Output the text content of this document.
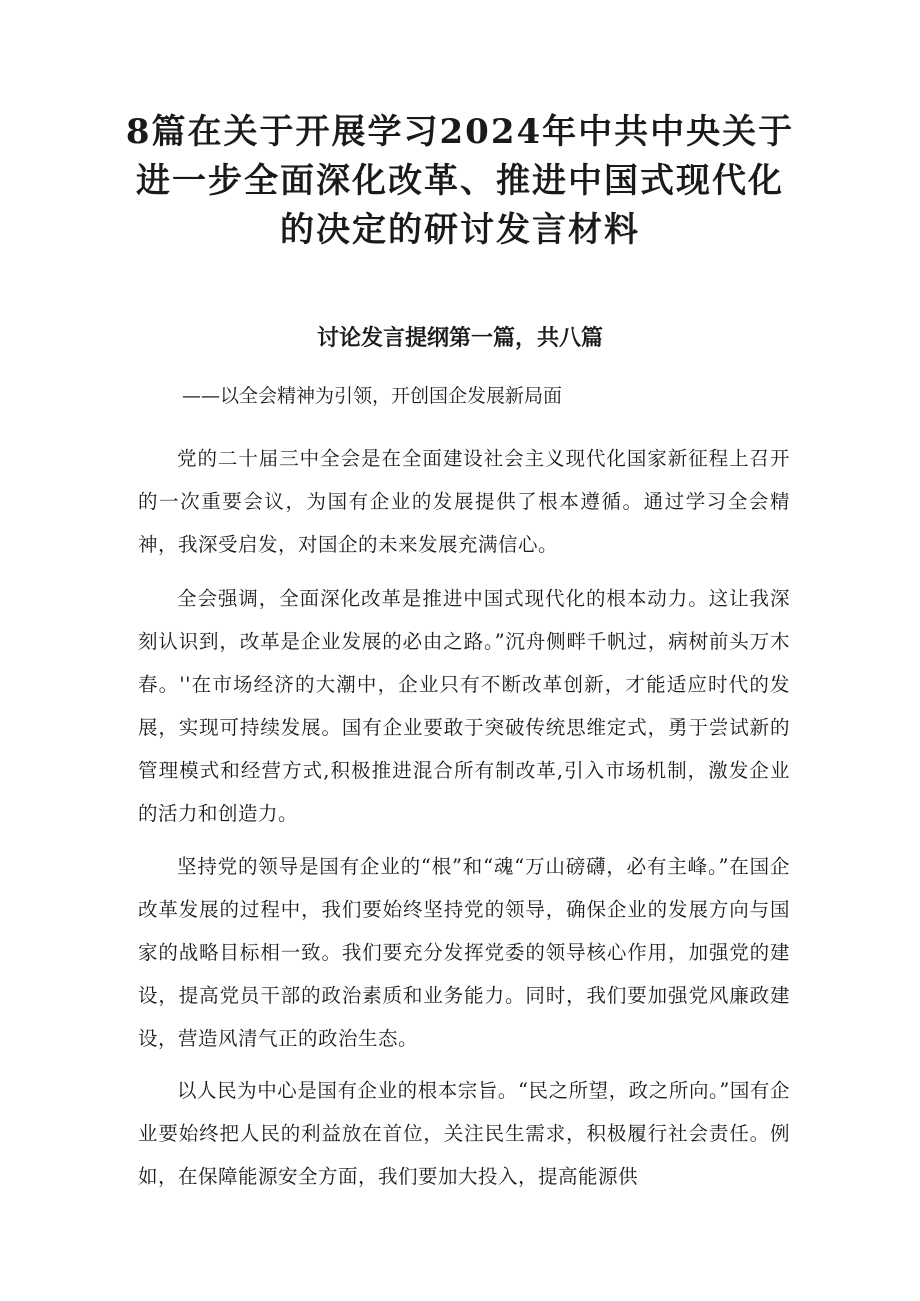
8篇在关于开展学习2024年中共中央关于
进一步全面深化改革、推进中国式现代化
的决定的研讨发言材料
讨论发言提纲第一篇，共八篇

——以全会精神为引领，开创国企发展新局面

党的二十届三中全会是在全面建设社会主义现代化国家新征程上召开的一次重要会议，为国有企业的发展提供了根本遵循。通过学习全会精神，我深受启发，对国企的未来发展充满信心。

全会强调，全面深化改革是推进中国式现代化的根本动力。这让我深刻认识到，改革是企业发展的必由之路。”沉舟侧畔千帆过，病树前头万木春。''在市场经济的大潮中，企业只有不断改革创新，才能适应时代的发展，实现可持续发展。国有企业要敢于突破传统思维定式，勇于尝试新的管理模式和经营方式,积极推进混合所有制改革,引入市场机制，激发企业的活力和创造力。

坚持党的领导是国有企业的“根”和“魂“万山磅礴，必有主峰。”在国企改革发展的过程中，我们要始终坚持党的领导，确保企业的发展方向与国家的战略目标相一致。我们要充分发挥党委的领导核心作用，加强党的建设，提高党员干部的政治素质和业务能力。同时，我们要加强党风廉政建设，营造风清气正的政治生态。

以人民为中心是国有企业的根本宗旨。“民之所望，政之所向。”国有企业要始终把人民的利益放在首位，关注民生需求，积极履行社会责任。例如，在保障能源安全方面，我们要加大投入，提高能源供
